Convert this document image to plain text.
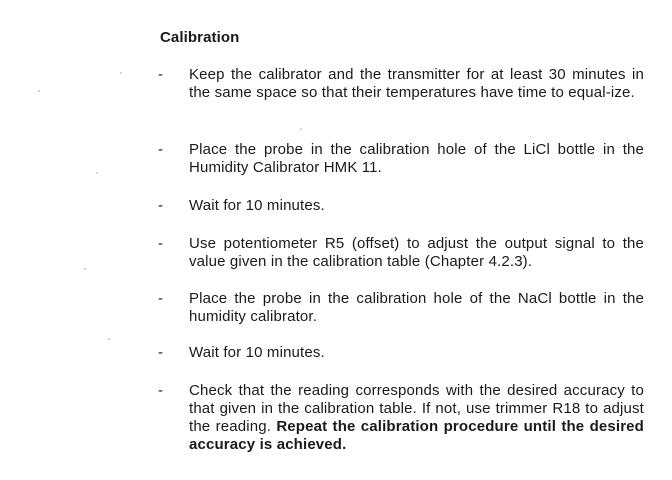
Calibration
- Keep the calibrator and the transmitter for at least 30 minutes in the same space so that their temperatures have time to equal-ize.
- Place the probe in the calibration hole of the LiCl bottle in the Humidity Calibrator HMK 11.
- Wait for 10 minutes.
- Use potentiometer R5 (offset) to adjust the output signal to the value given in the calibration table (Chapter 4.2.3).
- Place the probe in the calibration hole of the NaCl bottle in the humidity calibrator.
- Wait for 10 minutes.
- Check that the reading corresponds with the desired accuracy to that given in the calibration table. If not, use trimmer R18 to adjust the reading. Repeat the calibration procedure until the desired accuracy is achieved.
